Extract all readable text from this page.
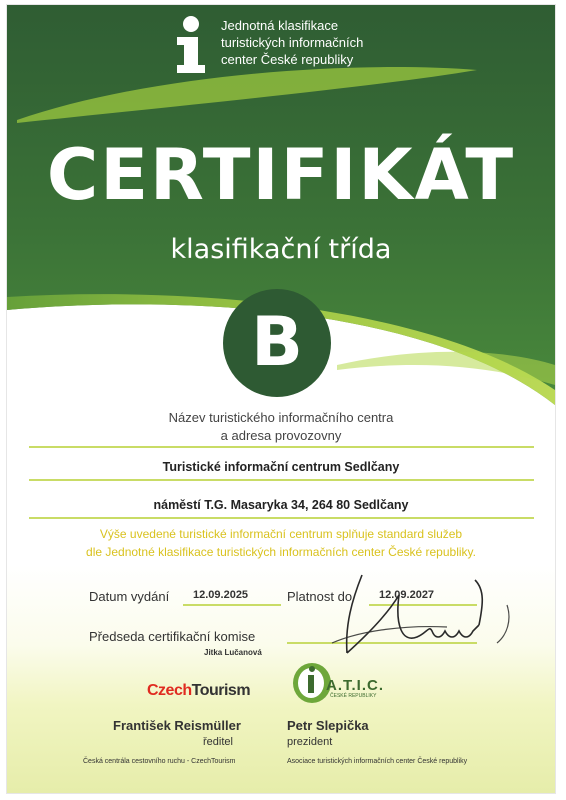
Jednotná klasifikace
turistických informačních
center České republiky
CERTIFIKÁT
klasifikační třída
B
Název turistického informačního centra
a adresa provozovny
Turistické informační centrum Sedlčany
náměstí T.G. Masaryka 34, 264 80 Sedlčany
Výše uvedené turistické informační centrum splňuje standard služeb
dle Jednotné klasifikace turistických informačních center České republiky.
Datum vydání 12.09.2025	Platnost do 12.09.2027
Předseda certifikační komise
Jitka Lučanová
CzechTourism	A.T.I.C.
ČESKÉ REPUBLIKY
František Reismüller
ředitel
Česká centrála cestovního ruchu - CzechTourism
Petr Slepička
prezident
Asociace turistických informačních center České republiky
